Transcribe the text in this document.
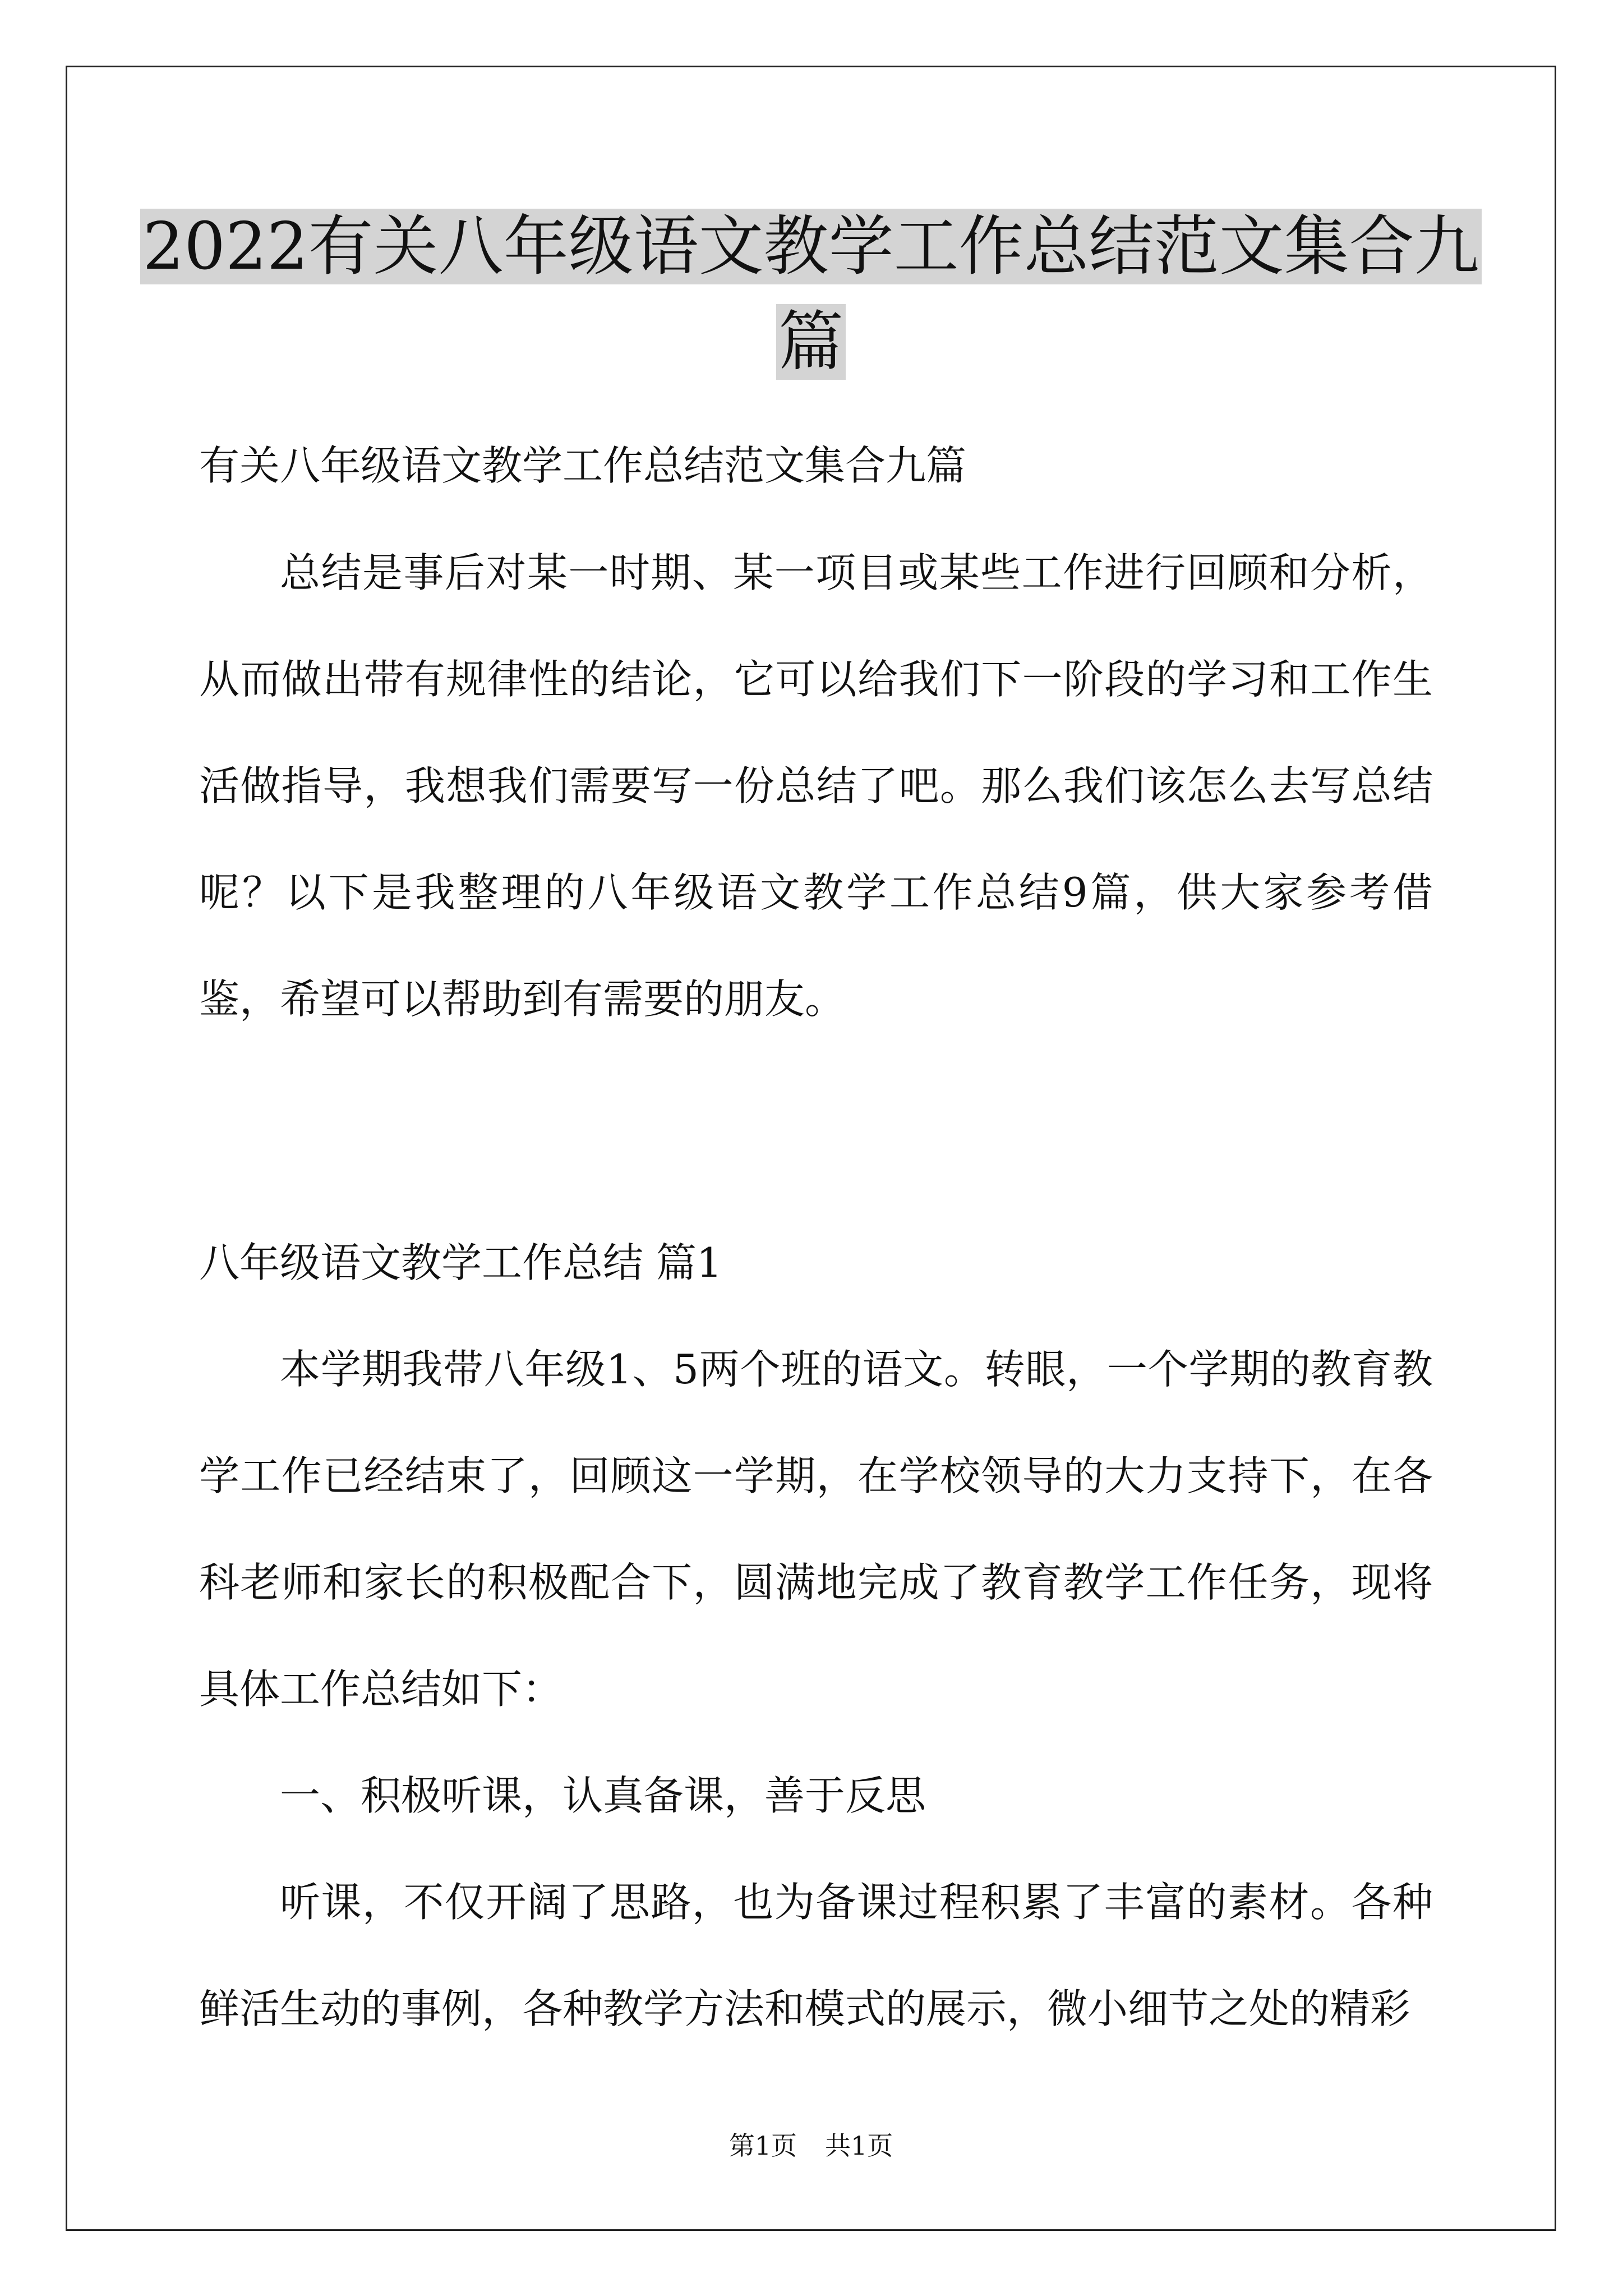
2022有关八年级语文教学工作总结范文集合九
篇
有关八年级语文教学工作总结范文集合九篇

总结是事后对某一时期、某一项目或某些工作进行回顾和分析，从而做出带有规律性的结论，它可以给我们下一阶段的学习和工作生活做指导，我想我们需要写一份总结了吧。那么我们该怎么去写总结呢？以下是我整理的八年级语文教学工作总结9篇，供大家参考借鉴，希望可以帮助到有需要的朋友。

八年级语文教学工作总结 篇1

本学期我带八年级1、5两个班的语文。转眼，一个学期的教育教学工作已经结束了，回顾这一学期，在学校领导的大力支持下，在各科老师和家长的积极配合下，圆满地完成了教育教学工作任务，现将具体工作总结如下：

一、积极听课，认真备课，善于反思

听课，不仅开阔了思路，也为备课过程积累了丰富的素材。各种鲜活生动的事例，各种教学方法和模式的展示，微小细节之处的精彩

第1页 共1页
